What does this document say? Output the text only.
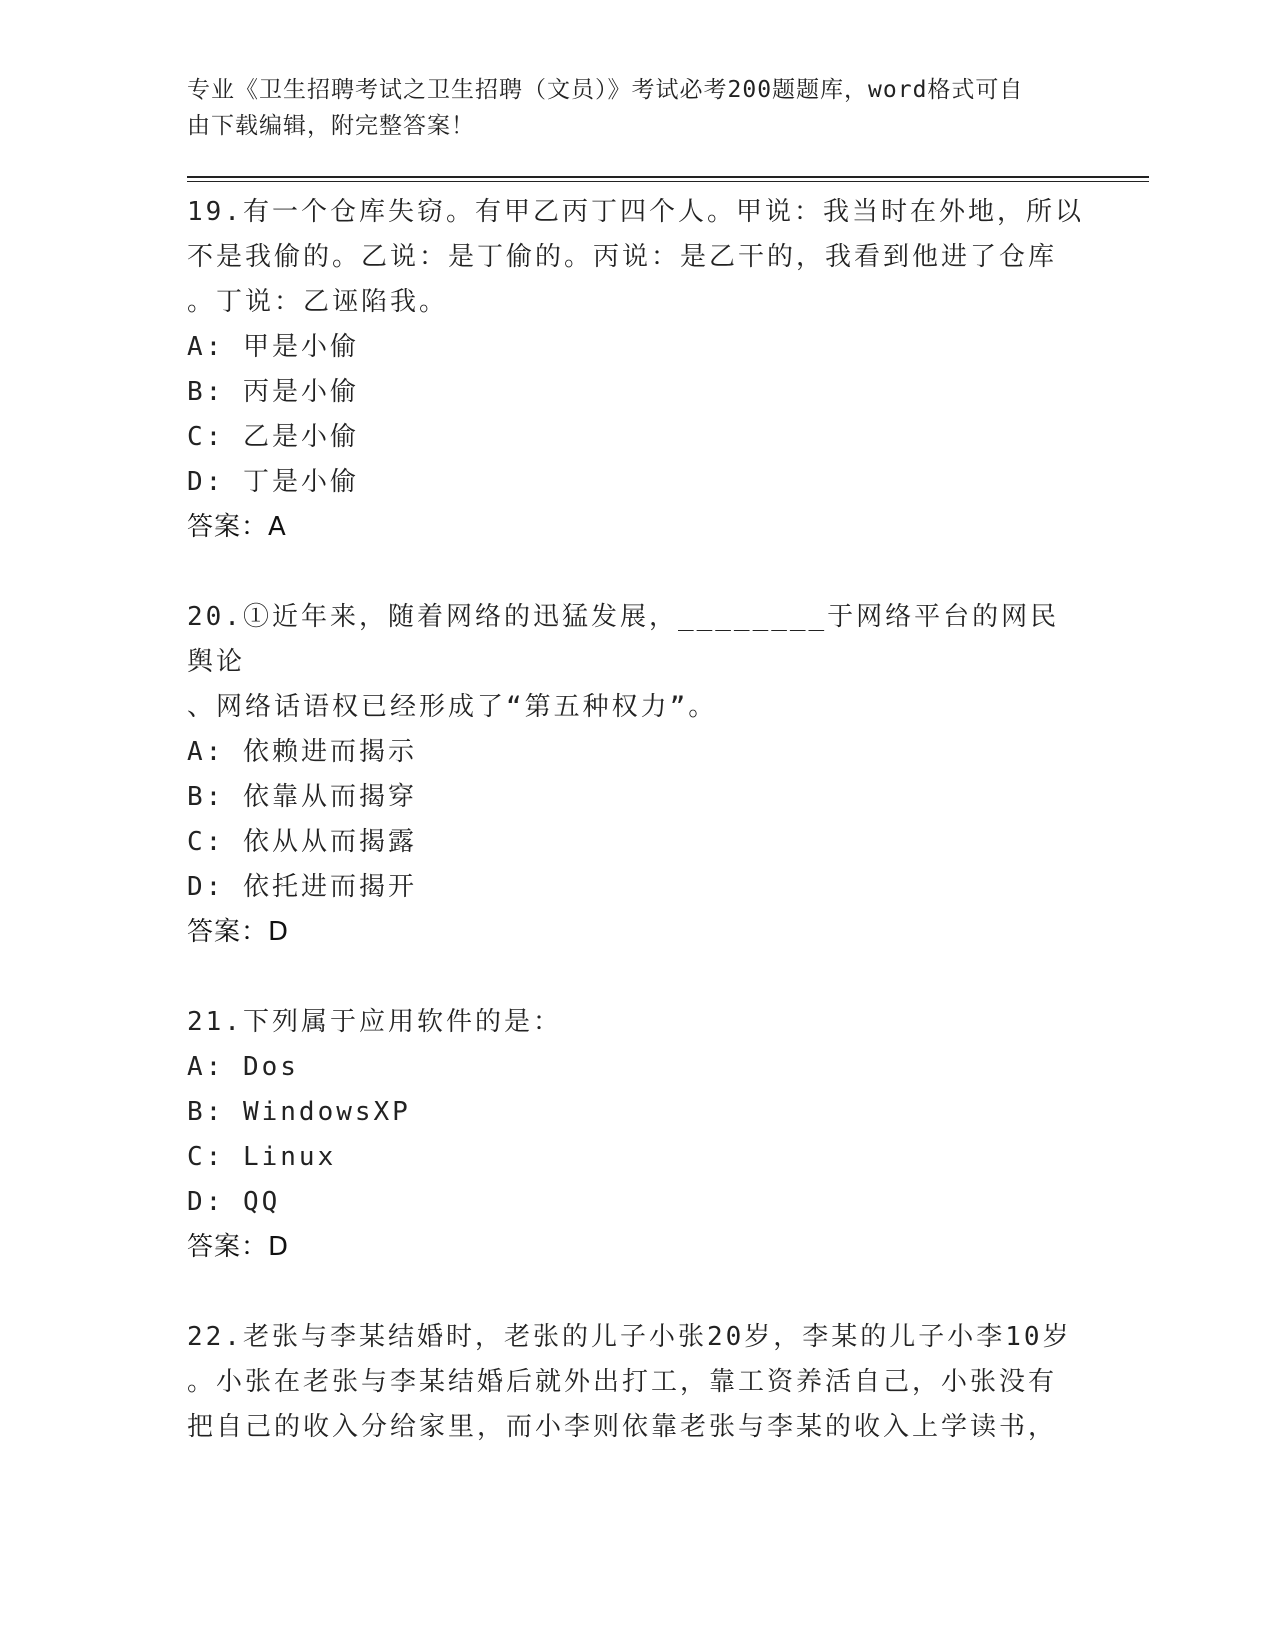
专业《卫生招聘考试之卫生招聘（文员）》考试必考200题题库，word格式可自
由下载编辑，附完整答案！
19.有一个仓库失窃。有甲乙丙丁四个人。甲说：我当时在外地，所以
不是我偷的。乙说：是丁偷的。丙说：是乙干的，我看到他进了仓库
。丁说：乙诬陷我。
A: 甲是小偷
B: 丙是小偷
C: 乙是小偷
D: 丁是小偷
答案：A
20.①近年来，随着网络的迅猛发展，________于网络平台的网民舆论
、网络话语权已经形成了“第五种权力”。
A: 依赖进而揭示
B: 依靠从而揭穿
C: 依从从而揭露
D: 依托进而揭开
答案：D
21.下列属于应用软件的是：
A: Dos
B: WindowsXP
C: Linux
D: QQ
答案：D
22.老张与李某结婚时，老张的儿子小张20岁，李某的儿子小李10岁
。小张在老张与李某结婚后就外出打工，靠工资养活自己，小张没有
把自己的收入分给家里，而小李则依靠老张与李某的收入上学读书，
